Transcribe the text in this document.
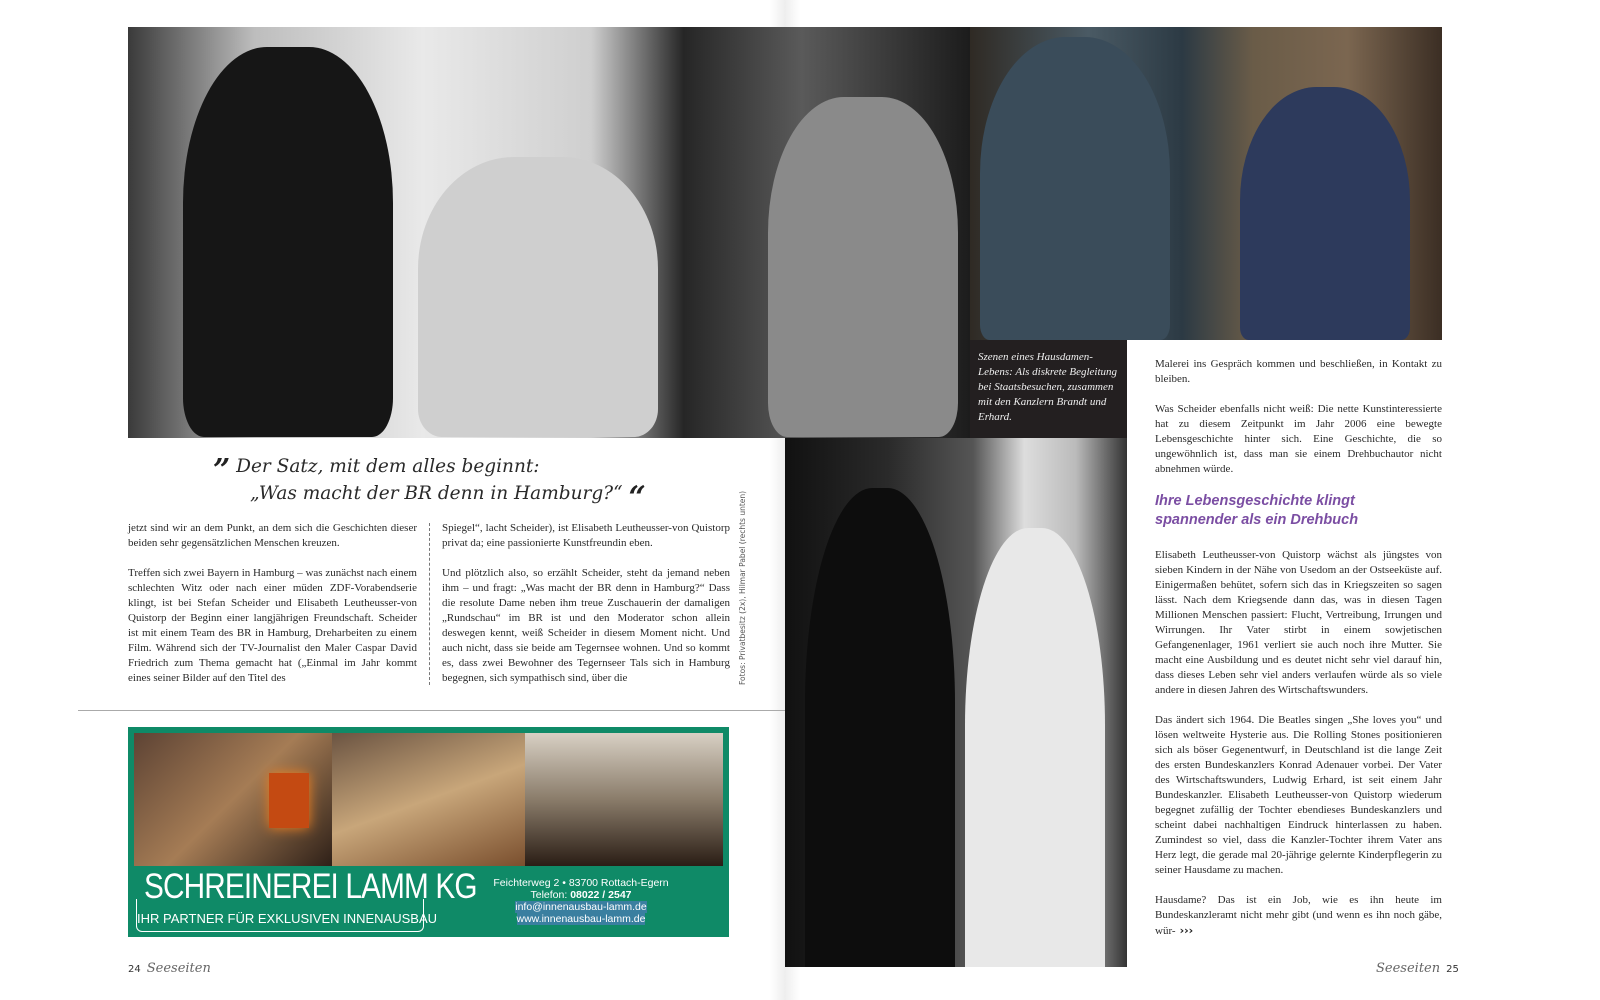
Szenen eines Hausdamen-Lebens: Als diskrete Begleitung bei Staatsbesuchen, zusammen mit den Kanzlern Brandt und Erhard.
” Der Satz, mit dem alles beginnt:
„Was macht der BR denn in Hamburg?“ “

jetzt sind wir an dem Punkt, an dem sich die Geschichten dieser beiden sehr gegensätzlichen Menschen kreuzen.

Treffen sich zwei Bayern in Hamburg – was zunächst nach einem schlechten Witz oder nach einer müden ZDF-Vorabendserie klingt, ist bei Stefan Scheider und Elisabeth Leutheusser-von Quistorp der Beginn einer langjährigen Freundschaft. Scheider ist mit einem Team des BR in Hamburg, Dreharbeiten zu einem Film. Während sich der TV-Journalist den Maler Caspar David Friedrich zum Thema gemacht hat („Einmal im Jahr kommt eines seiner Bilder auf den Titel des

Spiegel“, lacht Scheider), ist Elisabeth Leutheusser-von Quistorp privat da; eine passionierte Kunstfreundin eben.

Und plötzlich also, so erzählt Scheider, steht da jemand neben ihm – und fragt: „Was macht der BR denn in Hamburg?“ Dass die resolute Dame neben ihm treue Zuschauerin der damaligen „Rundschau“ im BR ist und den Moderator schon allein deswegen kennt, weiß Scheider in diesem Moment nicht. Und auch nicht, dass sie beide am Tegernsee wohnen. Und so kommt es, dass zwei Bewohner des Tegernseer Tals sich in Hamburg begegnen, sich sympathisch sind, über die	Fotos: Privatbesitz (2x), Hilmar Pabel (rechts unten)
IHR PARTNER FÜR EXKLUSIVEN INNENAUSBAU
SCHREINEREI LAMM KG	Feichterweg 2 • 83700 Rottach-Egern
Telefon: 08022 / 2547
info@innenausbau-lamm.de
www.innenausbau-lamm.de

Malerei ins Gespräch kommen und beschließen, in Kontakt zu bleiben.

Was Scheider ebenfalls nicht weiß: Die nette Kunstinteressierte hat zu diesem Zeitpunkt im Jahr 2006 eine bewegte Lebensgeschichte hinter sich. Eine Geschichte, die so ungewöhnlich ist, dass man sie einem Drehbuchautor nicht abnehmen würde.

Ihre Lebensgeschichte klingt
spannender als ein Drehbuch

Elisabeth Leutheusser-von Quistorp wächst als jüngstes von sieben Kindern in der Nähe von Usedom an der Ostseeküste auf. Einigermaßen behütet, sofern sich das in Kriegszeiten so sagen lässt. Nach dem Kriegsende dann das, was in diesen Tagen Millionen Menschen passiert: Flucht, Vertreibung, Irrungen und Wirrungen. Ihr Vater stirbt in einem sowjetischen Gefangenenlager, 1961 verliert sie auch noch ihre Mutter. Sie macht eine Ausbildung und es deutet nicht sehr viel darauf hin, dass dieses Leben sehr viel anders verlaufen würde als so viele andere in diesen Jahren des Wirtschaftswunders.

Das ändert sich 1964. Die Beatles singen „She loves you“ und lösen weltweite Hysterie aus. Die Rolling Stones positionieren sich als böser Gegenentwurf, in Deutschland ist die lange Zeit des ersten Bundeskanzlers Konrad Adenauer vorbei. Der Vater des Wirtschaftswunders, Ludwig Erhard, ist seit einem Jahr Bundeskanzler. Elisabeth Leutheusser-von Quistorp wiederum begegnet zufällig der Tochter ebendieses Bundeskanzlers und scheint dabei nachhaltigen Eindruck hinterlassen zu haben. Zumindest so viel, dass die Kanzler-Tochter ihrem Vater ans Herz legt, die gerade mal 20-jährige gelernte Kinderpflegerin zu seiner Hausdame zu machen.

Hausdame? Das ist ein Job, wie es ihn heute im Bundeskanzleramt nicht mehr gibt (und wenn es ihn noch gäbe, wür- ›››

24 Seeseiten	Seeseiten 25
